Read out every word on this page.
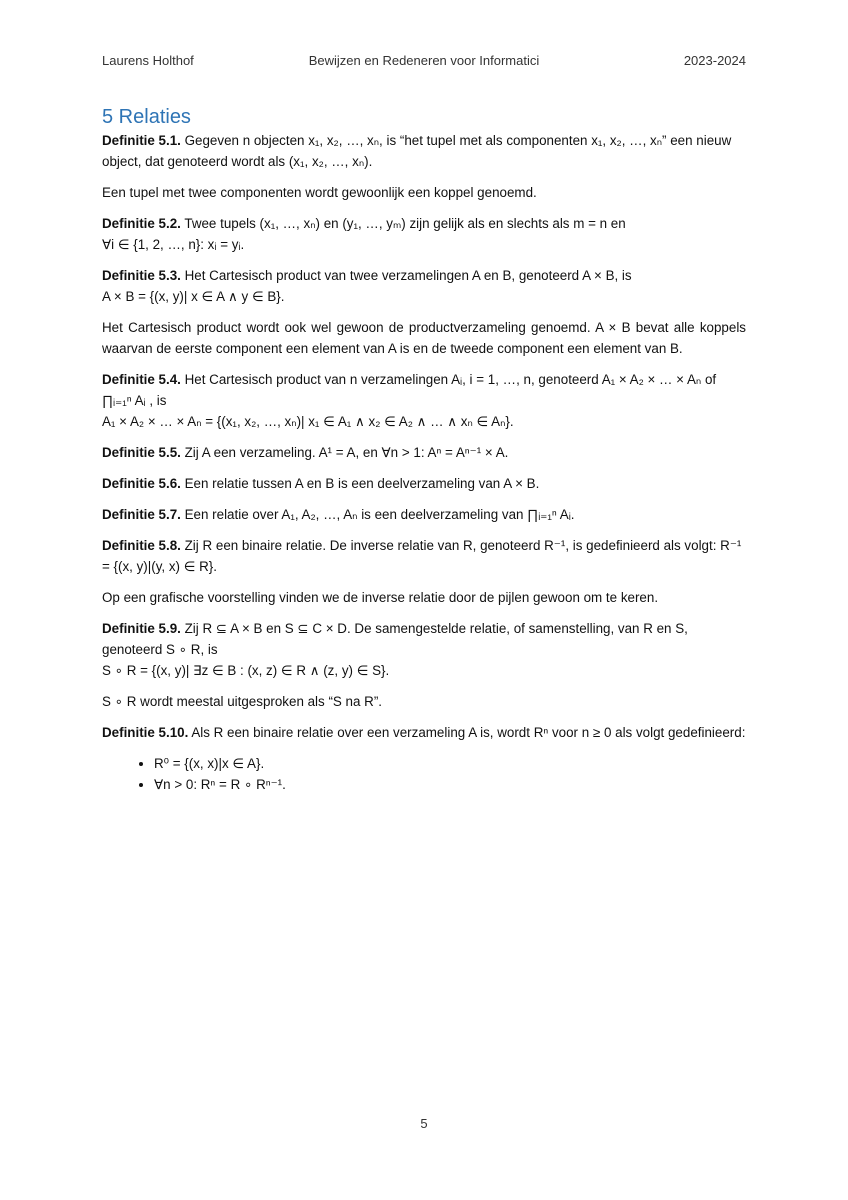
Laurens Holthof	Bewijzen en Redeneren voor Informatici	2023-2024
5 Relaties

Definitie 5.1. Gegeven n objecten x₁, x₂, …, xₙ, is “het tupel met als componenten x₁, x₂, …, xₙ” een nieuw object, dat genoteerd wordt als (x₁, x₂, …, xₙ).

Een tupel met twee componenten wordt gewoonlijk een koppel genoemd.

Definitie 5.2. Twee tupels (x₁, …, xₙ) en (y₁, …, yₘ) zijn gelijk als en slechts als m = n en
∀i ∈ {1, 2, …, n}: xᵢ = yᵢ.

Definitie 5.3. Het Cartesisch product van twee verzamelingen A en B, genoteerd A × B, is
A × B = {(x, y)| x ∈ A ∧ y ∈ B}.

Het Cartesisch product wordt ook wel gewoon de productverzameling genoemd. A × B bevat alle koppels waarvan de eerste component een element van A is en de tweede component een element van B.

Definitie 5.4. Het Cartesisch product van n verzamelingen Aᵢ, i = 1, …, n, genoteerd A₁ × A₂ × … × Aₙ of
∏ᵢ₌₁ⁿ Aᵢ , is
A₁ × A₂ × … × Aₙ = {(x₁, x₂, …, xₙ)| x₁ ∈ A₁ ∧ x₂ ∈ A₂ ∧ … ∧ xₙ ∈ Aₙ}.

Definitie 5.5. Zij A een verzameling. A¹ = A, en ∀n > 1: Aⁿ = Aⁿ⁻¹ × A.

Definitie 5.6. Een relatie tussen A en B is een deelverzameling van A × B.

Definitie 5.7. Een relatie over A₁, A₂, …, Aₙ is een deelverzameling van ∏ᵢ₌₁ⁿ Aᵢ.

Definitie 5.8. Zij R een binaire relatie. De inverse relatie van R, genoteerd R⁻¹, is gedefinieerd als volgt: R⁻¹ = {(x, y)|(y, x) ∈ R}.

Op een grafische voorstelling vinden we de inverse relatie door de pijlen gewoon om te keren.

Definitie 5.9. Zij R ⊆ A × B en S ⊆ C × D. De samengestelde relatie, of samenstelling, van R en S, genoteerd S ∘ R, is
S ∘ R = {(x, y)| ∃z ∈ B : (x, z) ∈ R ∧ (z, y) ∈ S}.

S ∘ R wordt meestal uitgesproken als “S na R”.

Definitie 5.10. Als R een binaire relatie over een verzameling A is, wordt Rⁿ voor n ≥ 0 als volgt gedefinieerd:

• R⁰ = {(x, x)|x ∈ A}.
• ∀n > 0: Rⁿ = R ∘ Rⁿ⁻¹.
5
